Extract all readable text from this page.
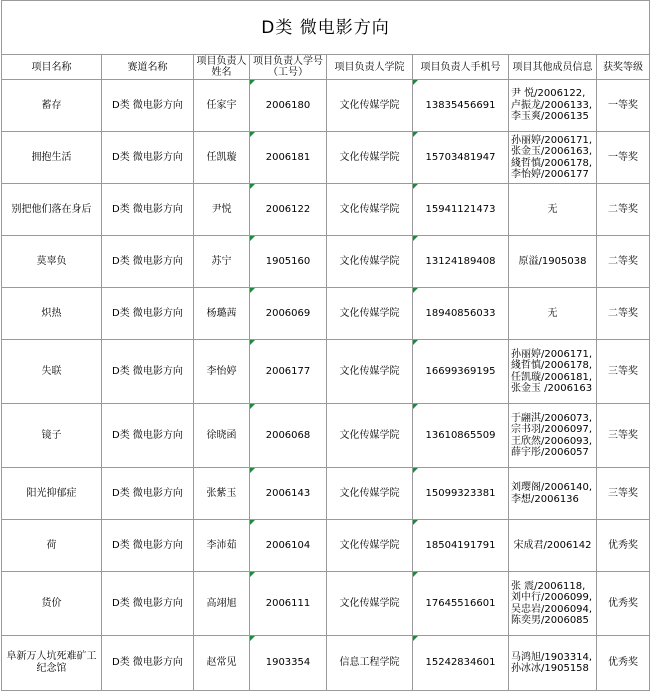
D类 微电影方向							
项目名称	赛道名称	项目负责人姓名	项目负责人学号（工号）	项目负责人学院	项目负责人手机号	项目其他成员信息	获奖等级
蓄存	D类 微电影方向	任家宇	2006180	文化传媒学院	13835456691	尹 悦/2006122,
卢振龙/2006133,
李玉爽/2006135	一等奖
拥抱生活	D类 微电影方向	任凯璇	2006181	文化传媒学院	15703481947	孙丽婷/2006171,
张金玉/2006163,
綫哲慎/2006178,
李怡婷/2006177	一等奖
别把他们落在身后	D类 微电影方向	尹悦	2006122	文化传媒学院	15941121473	无	二等奖
莫辜负	D类 微电影方向	苏宁	1905160	文化传媒学院	13124189408	原溢/1905038	二等奖
炽热	D类 微电影方向	杨璐茜	2006069	文化传媒学院	18940856033	无	二等奖
失联	D类 微电影方向	李怡婷	2006177	文化传媒学院	16699369195	孙丽婷/2006171,
綫哲慎/2006178,
任凯璇/2006181,
张金玉 /2006163	三等奖
镜子	D类 微电影方向	徐晓函	2006068	文化传媒学院	13610865509	于翮淇/2006073,
宗书羽/2006097,
王欣然/2006093,
薛宇彤/2006057	三等奖
阳光抑郁症	D类 微电影方向	张紫玉	2006143	文化传媒学院	15099323381	刘璎阁/2006140,
李想/2006136	三等奖
荷	D类 微电影方向	李沛茹	2006104	文化传媒学院	18504191791	宋成君/2006142	优秀奖
货价	D类 微电影方向	高翊旭	2006111	文化传媒学院	17645516601	张 震/2006118,
刘中行/2006099,
吴忠岩/2006094,
陈奕男/2006085	优秀奖
阜新万人坑死难矿工纪念馆	D类 微电影方向	赵常见	1903354	信息工程学院	15242834601	马鸿旭/1903314,
孙冰冰/1905158	优秀奖
